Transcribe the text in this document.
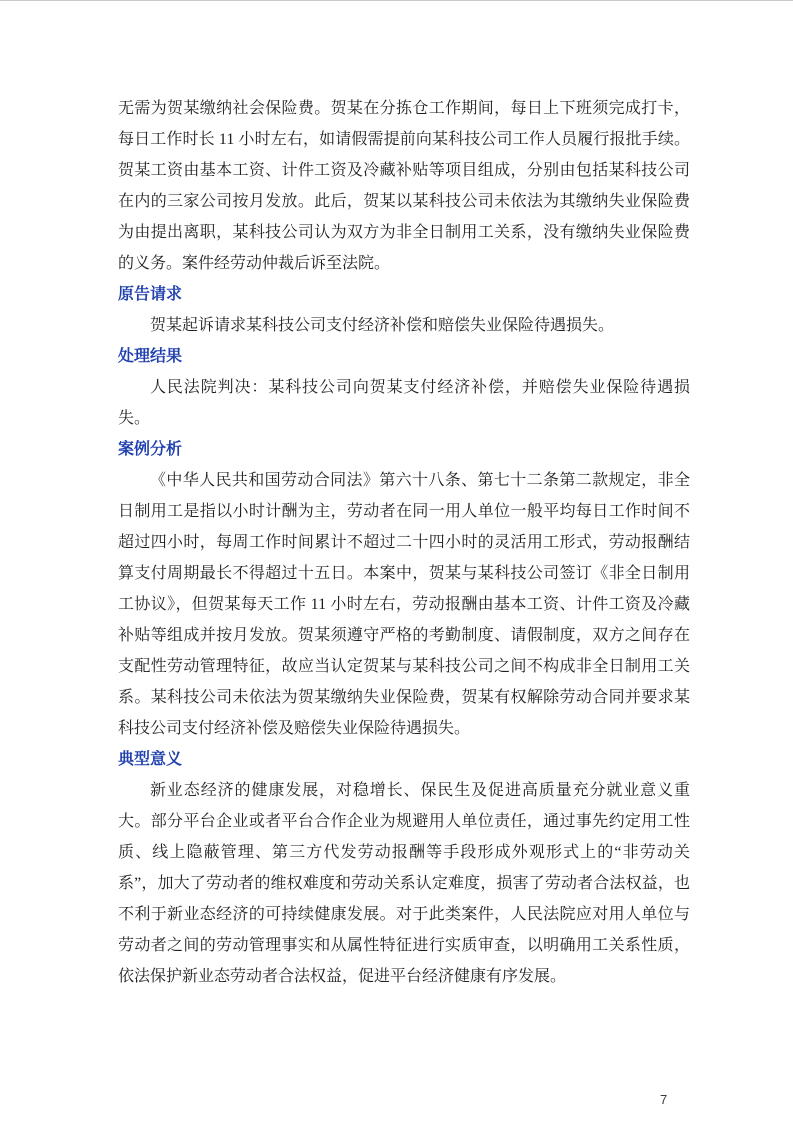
无需为贺某缴纳社会保险费。贺某在分拣仓工作期间，每日上下班须完成打卡，每日工作时长 11 小时左右，如请假需提前向某科技公司工作人员履行报批手续。贺某工资由基本工资、计件工资及冷藏补贴等项目组成，分别由包括某科技公司在内的三家公司按月发放。此后，贺某以某科技公司未依法为其缴纳失业保险费为由提出离职，某科技公司认为双方为非全日制用工关系，没有缴纳失业保险费的义务。案件经劳动仲裁后诉至法院。

原告请求

贺某起诉请求某科技公司支付经济补偿和赔偿失业保险待遇损失。

处理结果

人民法院判决：某科技公司向贺某支付经济补偿，并赔偿失业保险待遇损失。

案例分析

《中华人民共和国劳动合同法》第六十八条、第七十二条第二款规定，非全日制用工是指以小时计酬为主，劳动者在同一用人单位一般平均每日工作时间不超过四小时，每周工作时间累计不超过二十四小时的灵活用工形式，劳动报酬结算支付周期最长不得超过十五日。本案中，贺某与某科技公司签订《非全日制用工协议》，但贺某每天工作 11 小时左右，劳动报酬由基本工资、计件工资及冷藏补贴等组成并按月发放。贺某须遵守严格的考勤制度、请假制度，双方之间存在支配性劳动管理特征，故应当认定贺某与某科技公司之间不构成非全日制用工关系。某科技公司未依法为贺某缴纳失业保险费，贺某有权解除劳动合同并要求某科技公司支付经济补偿及赔偿失业保险待遇损失。

典型意义

新业态经济的健康发展，对稳增长、保民生及促进高质量充分就业意义重大。部分平台企业或者平台合作企业为规避用人单位责任，通过事先约定用工性质、线上隐蔽管理、第三方代发劳动报酬等手段形成外观形式上的“非劳动关系”，加大了劳动者的维权难度和劳动关系认定难度，损害了劳动者合法权益，也不利于新业态经济的可持续健康发展。对于此类案件，人民法院应对用人单位与劳动者之间的劳动管理事实和从属性特征进行实质审查，以明确用工关系性质，依法保护新业态劳动者合法权益，促进平台经济健康有序发展。

7
